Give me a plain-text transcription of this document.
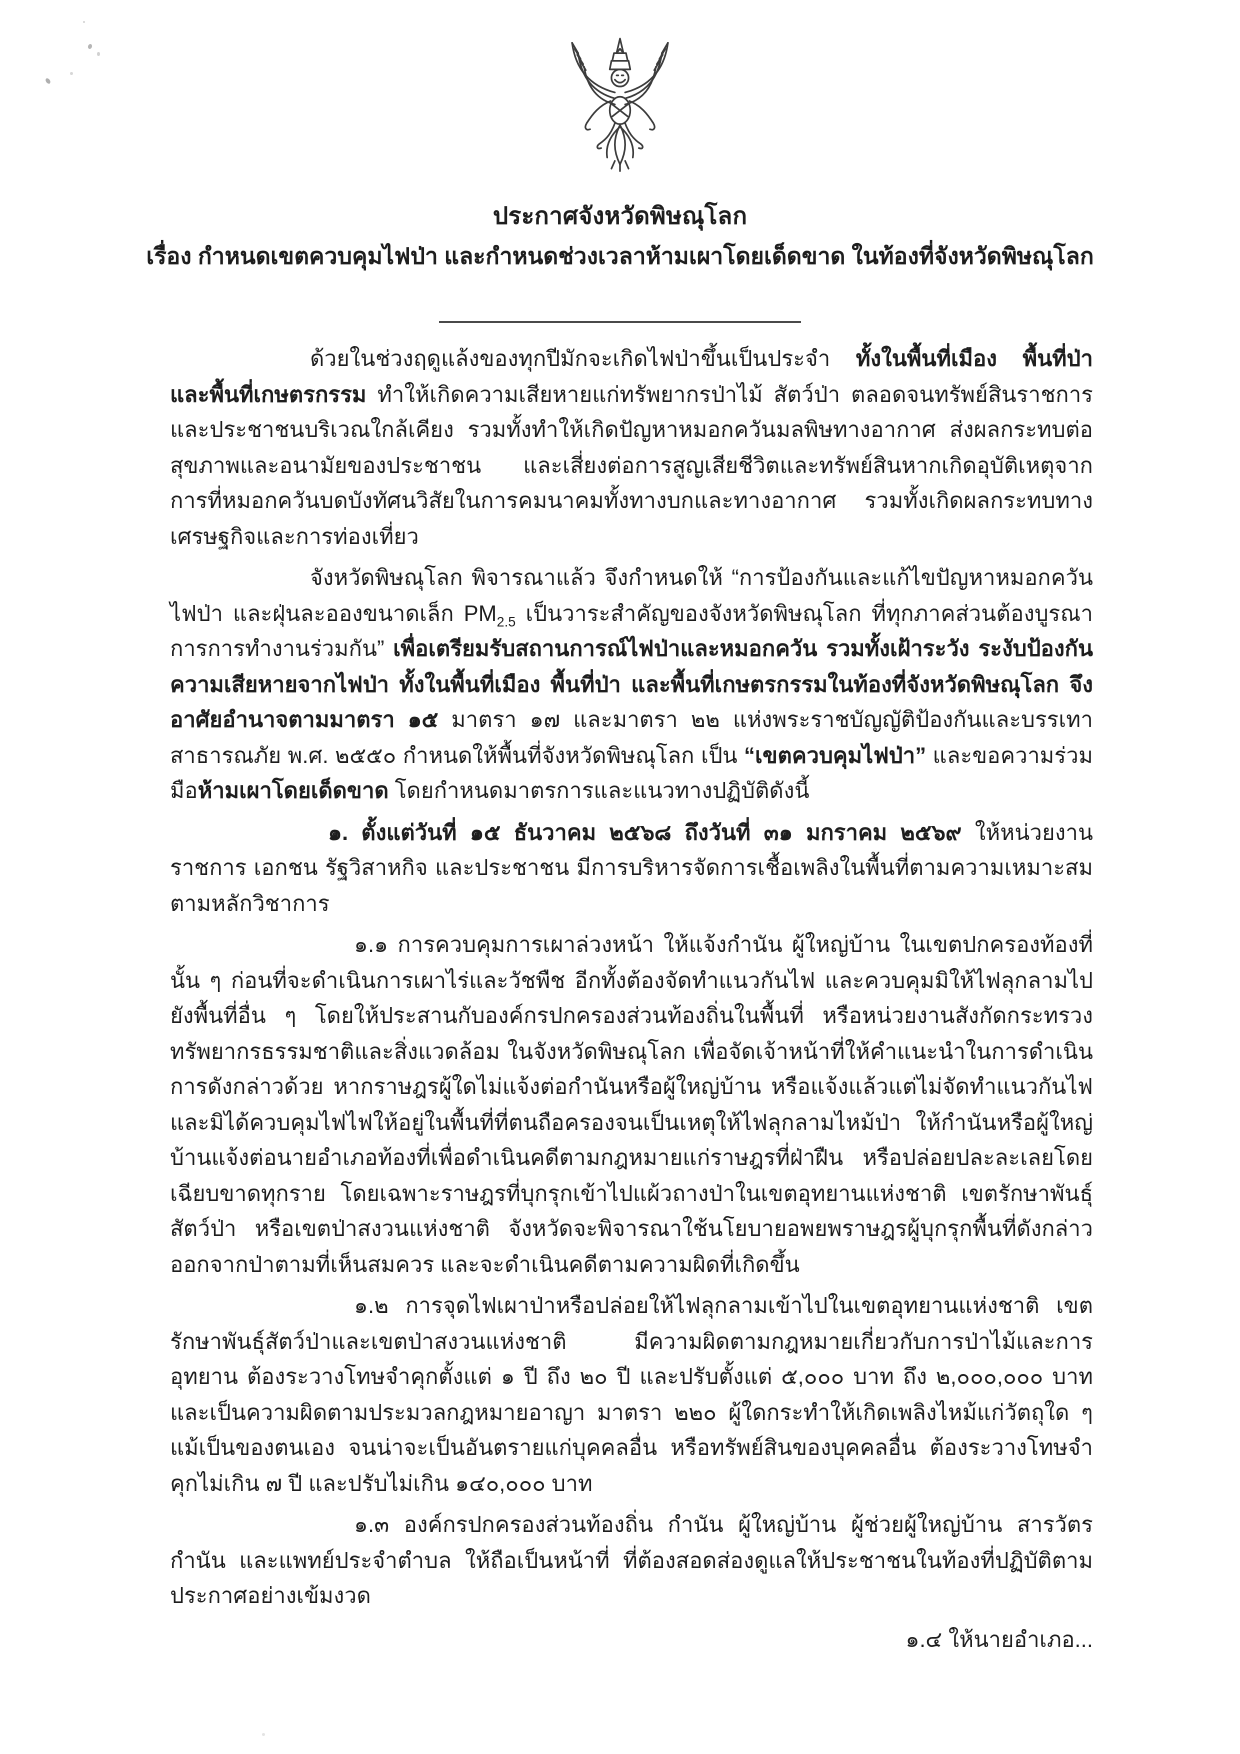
ประกาศจังหวัดพิษณุโลก
เรื่อง กำหนดเขตควบคุมไฟป่า และกำหนดช่วงเวลาห้ามเผาโดยเด็ดขาด ในท้องที่จังหวัดพิษณุโลก

ด้วยในช่วงฤดูแล้งของทุกปีมักจะเกิดไฟป่าขึ้นเป็นประจำ ทั้งในพื้นที่เมือง พื้นที่ป่า และพื้นที่เกษตรกรรม ทำให้เกิดความเสียหายแก่ทรัพยากรป่าไม้ สัตว์ป่า ตลอดจนทรัพย์สินราชการและประชาชนบริเวณใกล้เคียง รวมทั้งทำให้เกิดปัญหาหมอกควันมลพิษทางอากาศ ส่งผลกระทบต่อสุขภาพและอนามัยของประชาชน และเสี่ยงต่อการสูญเสียชีวิตและทรัพย์สินหากเกิดอุบัติเหตุจากการที่หมอกควันบดบังทัศนวิสัยในการคมนาคมทั้งทางบกและทางอากาศ รวมทั้งเกิดผลกระทบทางเศรษฐกิจและการท่องเที่ยว

จังหวัดพิษณุโลก พิจารณาแล้ว จึงกำหนดให้ “การป้องกันและแก้ไขปัญหาหมอกควัน ไฟป่า และฝุ่นละอองขนาดเล็ก $PM_{2.5}$ เป็นวาระสำคัญของจังหวัดพิษณุโลก ที่ทุกภาคส่วนต้องบูรณาการการทำงานร่วมกัน” เพื่อเตรียมรับสถานการณ์ไฟป่าและหมอกควัน รวมทั้งเฝ้าระวัง ระงับป้องกันความเสียหายจากไฟป่า ทั้งในพื้นที่เมือง พื้นที่ป่า และพื้นที่เกษตรกรรมในท้องที่จังหวัดพิษณุโลก จึงอาศัยอำนาจตามมาตรา ๑๕ มาตรา ๑๗ และมาตรา ๒๒ แห่งพระราชบัญญัติป้องกันและบรรเทาสาธารณภัย พ.ศ. ๒๕๕๐ กำหนดให้พื้นที่จังหวัดพิษณุโลก เป็น “เขตควบคุมไฟป่า” และขอความร่วมมือห้ามเผาโดยเด็ดขาด โดยกำหนดมาตรการและแนวทางปฏิบัติดังนี้

๑. ตั้งแต่วันที่ ๑๕ ธันวาคม ๒๕๖๘ ถึงวันที่ ๓๑ มกราคม ๒๕๖๙ ให้หน่วยงานราชการ เอกชน รัฐวิสาหกิจ และประชาชน มีการบริหารจัดการเชื้อเพลิงในพื้นที่ตามความเหมาะสมตามหลักวิชาการ

๑.๑ การควบคุมการเผาล่วงหน้า ให้แจ้งกำนัน ผู้ใหญ่บ้าน ในเขตปกครองท้องที่นั้น ๆ ก่อนที่จะดำเนินการเผาไร่และวัชพืช อีกทั้งต้องจัดทำแนวกันไฟ และควบคุมมิให้ไฟลุกลามไปยังพื้นที่อื่น ๆ โดยให้ประสานกับองค์กรปกครองส่วนท้องถิ่นในพื้นที่ หรือหน่วยงานสังกัดกระทรวงทรัพยากรธรรมชาติและสิ่งแวดล้อม ในจังหวัดพิษณุโลก เพื่อจัดเจ้าหน้าที่ให้คำแนะนำในการดำเนินการดังกล่าวด้วย หากราษฎรผู้ใดไม่แจ้งต่อกำนันหรือผู้ใหญ่บ้าน หรือแจ้งแล้วแต่ไม่จัดทำแนวกันไฟ และมิได้ควบคุมไฟไฟให้อยู่ในพื้นที่ที่ตนถือครองจนเป็นเหตุให้ไฟลุกลามไหม้ป่า ให้กำนันหรือผู้ใหญ่บ้านแจ้งต่อนายอำเภอท้องที่เพื่อดำเนินคดีตามกฎหมายแก่ราษฎรที่ฝ่าฝืน หรือปล่อยปละละเลยโดยเฉียบขาดทุกราย โดยเฉพาะราษฎรที่บุกรุกเข้าไปแผ้วถางป่าในเขตอุทยานแห่งชาติ เขตรักษาพันธุ์สัตว์ป่า หรือเขตป่าสงวนแห่งชาติ จังหวัดจะพิจารณาใช้นโยบายอพยพราษฎรผู้บุกรุกพื้นที่ดังกล่าวออกจากป่าตามที่เห็นสมควร และจะดำเนินคดีตามความผิดที่เกิดขึ้น

๑.๒ การจุดไฟเผาป่าหรือปล่อยให้ไฟลุกลามเข้าไปในเขตอุทยานแห่งชาติ เขตรักษาพันธุ์สัตว์ป่าและเขตป่าสงวนแห่งชาติ มีความผิดตามกฎหมายเกี่ยวกับการป่าไม้และการอุทยาน ต้องระวางโทษจำคุกตั้งแต่ ๑ ปี ถึง ๒๐ ปี และปรับตั้งแต่ ๕,๐๐๐ บาท ถึง ๒,๐๐๐,๐๐๐ บาท และเป็นความผิดตามประมวลกฎหมายอาญา มาตรา ๒๒๐ ผู้ใดกระทำให้เกิดเพลิงไหม้แก่วัตถุใด ๆ แม้เป็นของตนเอง จนน่าจะเป็นอันตรายแก่บุคคลอื่น หรือทรัพย์สินของบุคคลอื่น ต้องระวางโทษจำคุกไม่เกิน ๗ ปี และปรับไม่เกิน ๑๔๐,๐๐๐ บาท

๑.๓ องค์กรปกครองส่วนท้องถิ่น กำนัน ผู้ใหญ่บ้าน ผู้ช่วยผู้ใหญ่บ้าน สารวัตรกำนัน และแพทย์ประจำตำบล ให้ถือเป็นหน้าที่ ที่ต้องสอดส่องดูแลให้ประชาชนในท้องที่ปฏิบัติตามประกาศอย่างเข้มงวด

๑.๔ ให้นายอำเภอ...
